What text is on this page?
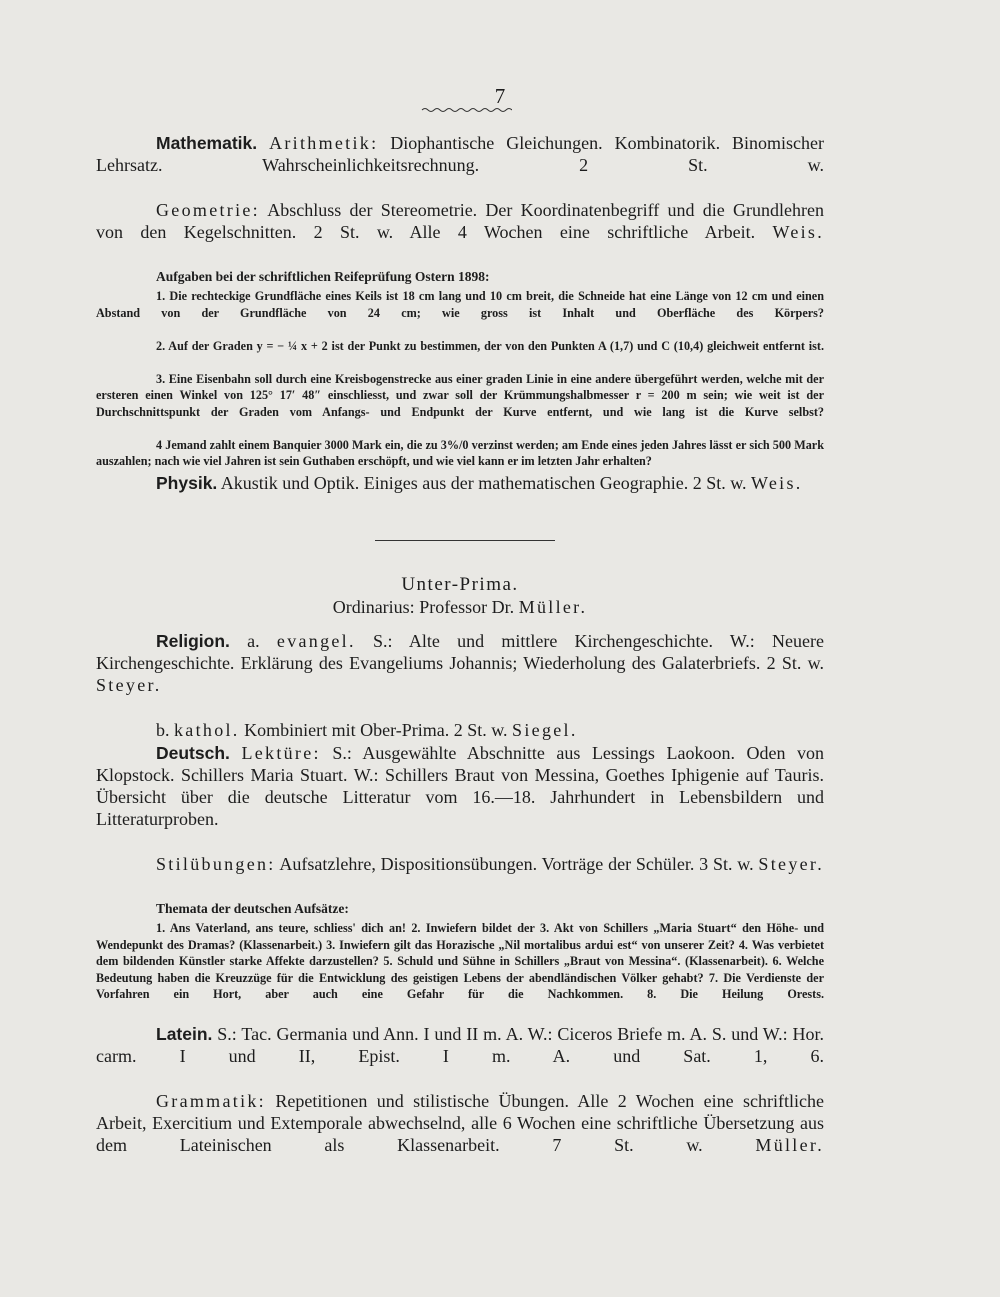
7

Mathematik. Arithmetik: Diophantische Gleichungen. Kombinatorik. Binomischer Lehrsatz. Wahrscheinlichkeitsrechnung. 2 St. w.

Geometrie: Abschluss der Stereometrie. Der Koordinatenbegriff und die Grundlehren von den Kegelschnitten. 2 St. w. Alle 4 Wochen eine schriftliche Arbeit. Weis.

Aufgaben bei der schriftlichen Reifeprüfung Ostern 1898:

1. Die rechteckige Grundfläche eines Keils ist 18 cm lang und 10 cm breit, die Schneide hat eine Länge von 12 cm und einen Abstand von der Grundfläche von 24 cm; wie gross ist Inhalt und Oberfläche des Körpers?

2. Auf der Graden y = − ¼ x + 2 ist der Punkt zu bestimmen, der von den Punkten A (1,7) und C (10,4) gleichweit entfernt ist.

3. Eine Eisenbahn soll durch eine Kreisbogenstrecke aus einer graden Linie in eine andere übergeführt werden, welche mit der ersteren einen Winkel von 125° 17′ 48″ einschliesst, und zwar soll der Krümmungshalbmesser r = 200 m sein; wie weit ist der Durchschnittspunkt der Graden vom Anfangs- und Endpunkt der Kurve entfernt, und wie lang ist die Kurve selbst?

4 Jemand zahlt einem Banquier 3000 Mark ein, die zu 3%/0 verzinst werden; am Ende eines jeden Jahres lässt er sich 500 Mark auszahlen; nach wie viel Jahren ist sein Guthaben erschöpft, und wie viel kann er im letzten Jahr erhalten?

Physik. Akustik und Optik. Einiges aus der mathematischen Geographie. 2 St. w. Weis.

Unter-Prima.
Ordinarius: Professor Dr. Müller.

Religion. a. evangel. S.: Alte und mittlere Kirchengeschichte. W.: Neuere Kirchengeschichte. Erklärung des Evangeliums Johannis; Wiederholung des Galaterbriefs. 2 St. w. Steyer.

b. kathol. Kombiniert mit Ober-Prima. 2 St. w. Siegel.

Deutsch. Lektüre: S.: Ausgewählte Abschnitte aus Lessings Laokoon. Oden von Klopstock. Schillers Maria Stuart. W.: Schillers Braut von Messina, Goethes Iphigenie auf Tauris. Übersicht über die deutsche Litteratur vom 16.—18. Jahrhundert in Lebensbildern und Litteraturproben.

Stilübungen: Aufsatzlehre, Dispositionsübungen. Vorträge der Schüler. 3 St. w. Steyer.

Themata der deutschen Aufsätze:

1. Ans Vaterland, ans teure, schliess' dich an! 2. Inwiefern bildet der 3. Akt von Schillers „Maria Stuart“ den Höhe- und Wendepunkt des Dramas? (Klassenarbeit.) 3. Inwiefern gilt das Horazische „Nil mortalibus ardui est“ von unserer Zeit? 4. Was verbietet dem bildenden Künstler starke Affekte darzustellen? 5. Schuld und Sühne in Schillers „Braut von Messina“. (Klassenarbeit). 6. Welche Bedeutung haben die Kreuzzüge für die Entwicklung des geistigen Lebens der abendländischen Völker gehabt? 7. Die Verdienste der Vorfahren ein Hort, aber auch eine Gefahr für die Nachkommen. 8. Die Heilung Orests.

Latein. S.: Tac. Germania und Ann. I und II m. A. W.: Ciceros Briefe m. A. S. und W.: Hor. carm. I und II, Epist. I m. A. und Sat. 1, 6.

Grammatik: Repetitionen und stilistische Übungen. Alle 2 Wochen eine schriftliche Arbeit, Exercitium und Extemporale abwechselnd, alle 6 Wochen eine schriftliche Übersetzung aus dem Lateinischen als Klassenarbeit. 7 St. w.	Müller.
